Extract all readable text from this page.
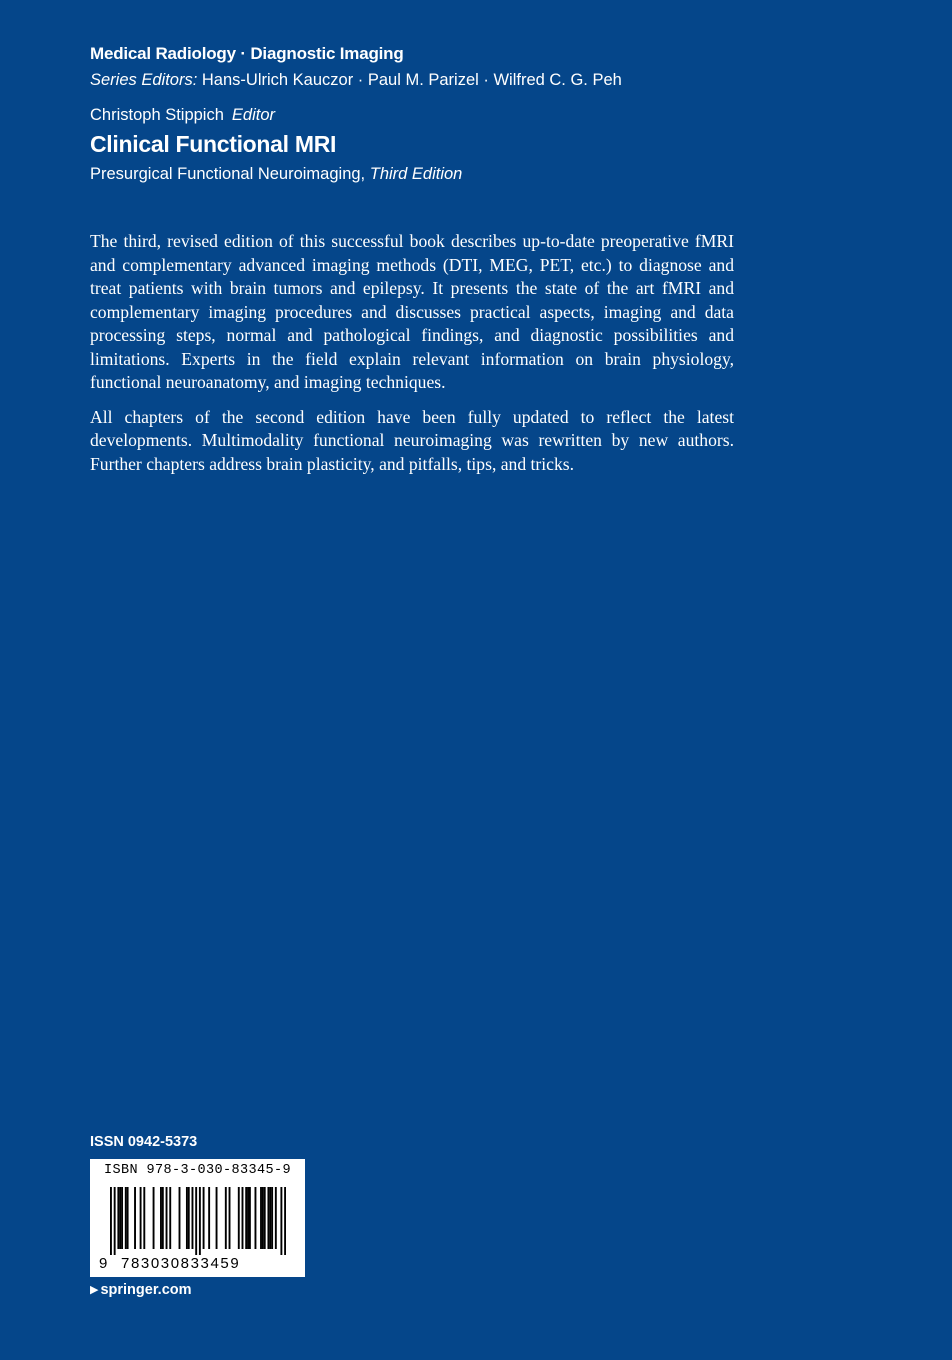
Medical Radiology · Diagnostic Imaging
Series Editors: Hans-Ulrich Kauczor · Paul M. Parizel · Wilfred C. G. Peh
Christoph Stippich Editor
Clinical Functional MRI
Presurgical Functional Neuroimaging, Third Edition

The third, revised edition of this successful book describes up-to-date preoperative fMRI and complementary advanced imaging methods (DTI, MEG, PET, etc.) to diagnose and treat patients with brain tumors and epilepsy. It presents the state of the art fMRI and complementary imaging procedures and discusses practical aspects, imaging and data processing steps, normal and pathological findings, and diagnostic possibilities and limitations. Experts in the field explain relevant information on brain physiology, functional neuroanatomy, and imaging techniques.

All chapters of the second edition have been fully updated to reflect the latest developments. Multimodality functional neuroimaging was rewritten by new authors. Further chapters address brain plasticity, and pitfalls, tips, and tricks.

ISSN 0942-5373
ISBN 978-3-030-83345-9
9 783030833459
▶ springer.com
